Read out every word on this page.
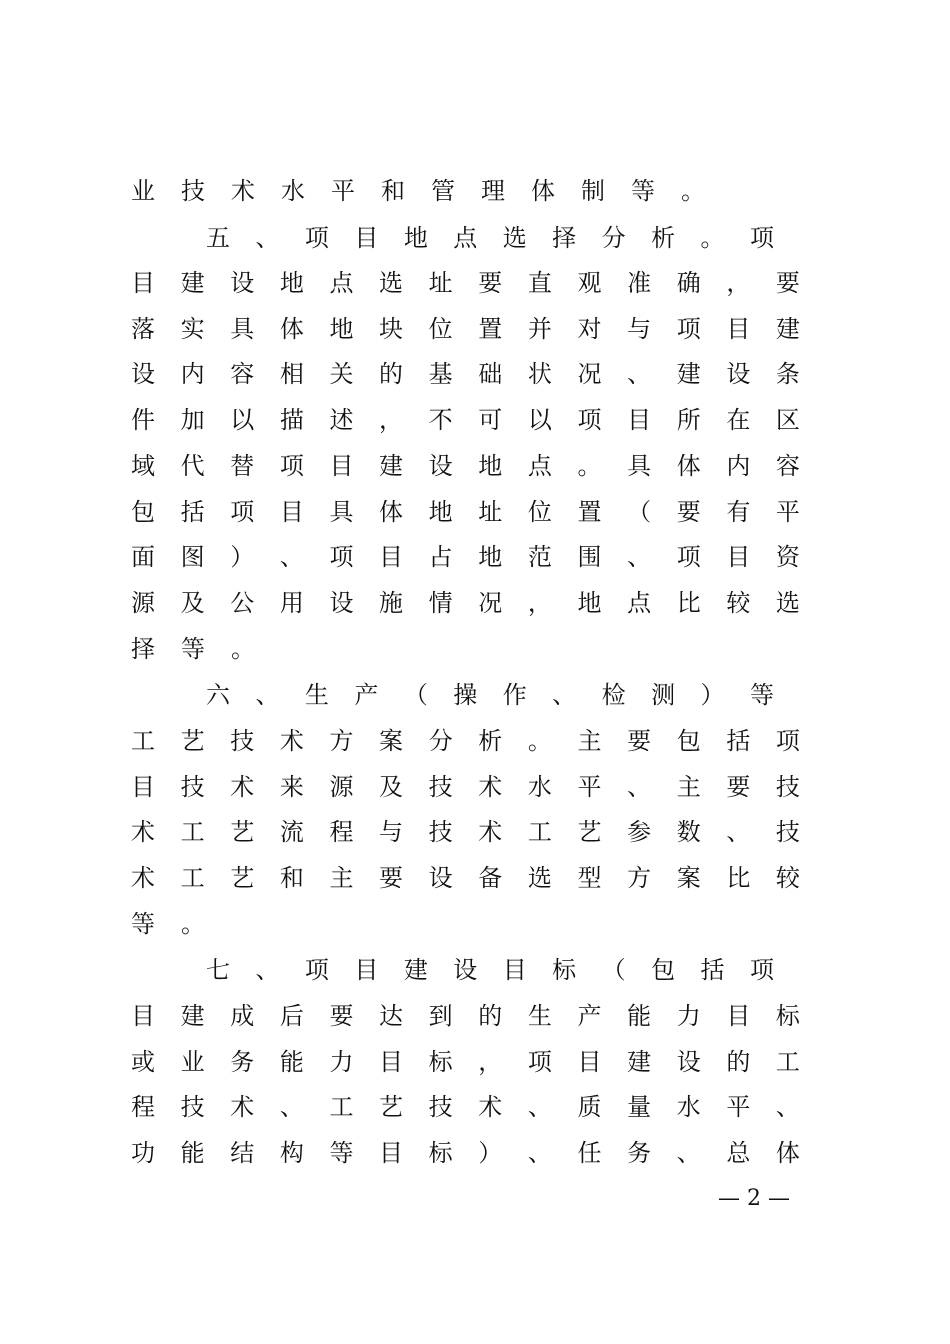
业 技 术 水 平 和 管 理 体 制 等 。
五 、 项 目 地 点 选 择 分 析 。 项
目 建 设 地 点 选 址 要 直 观 准 确 ， 要
落 实 具 体 地 块 位 置 并 对 与 项 目 建
设 内 容 相 关 的 基 础 状 况 、 建 设 条
件 加 以 描 述 ， 不 可 以 项 目 所 在 区
域 代 替 项 目 建 设 地 点 。 具 体 内 容
包 括 项 目 具 体 地 址 位 置 （ 要 有 平
面 图 ） 、 项 目 占 地 范 围 、 项 目 资
源 及 公 用 设 施 情 况 ， 地 点 比 较 选
择 等 。
六 、 生 产 （ 操 作 、 检 测 ） 等
工 艺 技 术 方 案 分 析 。 主 要 包 括 项
目 技 术 来 源 及 技 术 水 平 、 主 要 技
术 工 艺 流 程 与 技 术 工 艺 参 数 、 技
术 工 艺 和 主 要 设 备 选 型 方 案 比 较
等 。
七 、 项 目 建 设 目 标 （ 包 括 项
目 建 成 后 要 达 到 的 生 产 能 力 目 标
或 业 务 能 力 目 标 ， 项 目 建 设 的 工
程 技 术 、 工 艺 技 术 、 质 量 水 平 、
功 能 结 构 等 目 标 ） 、 任 务 、 总 体
— 2 —
